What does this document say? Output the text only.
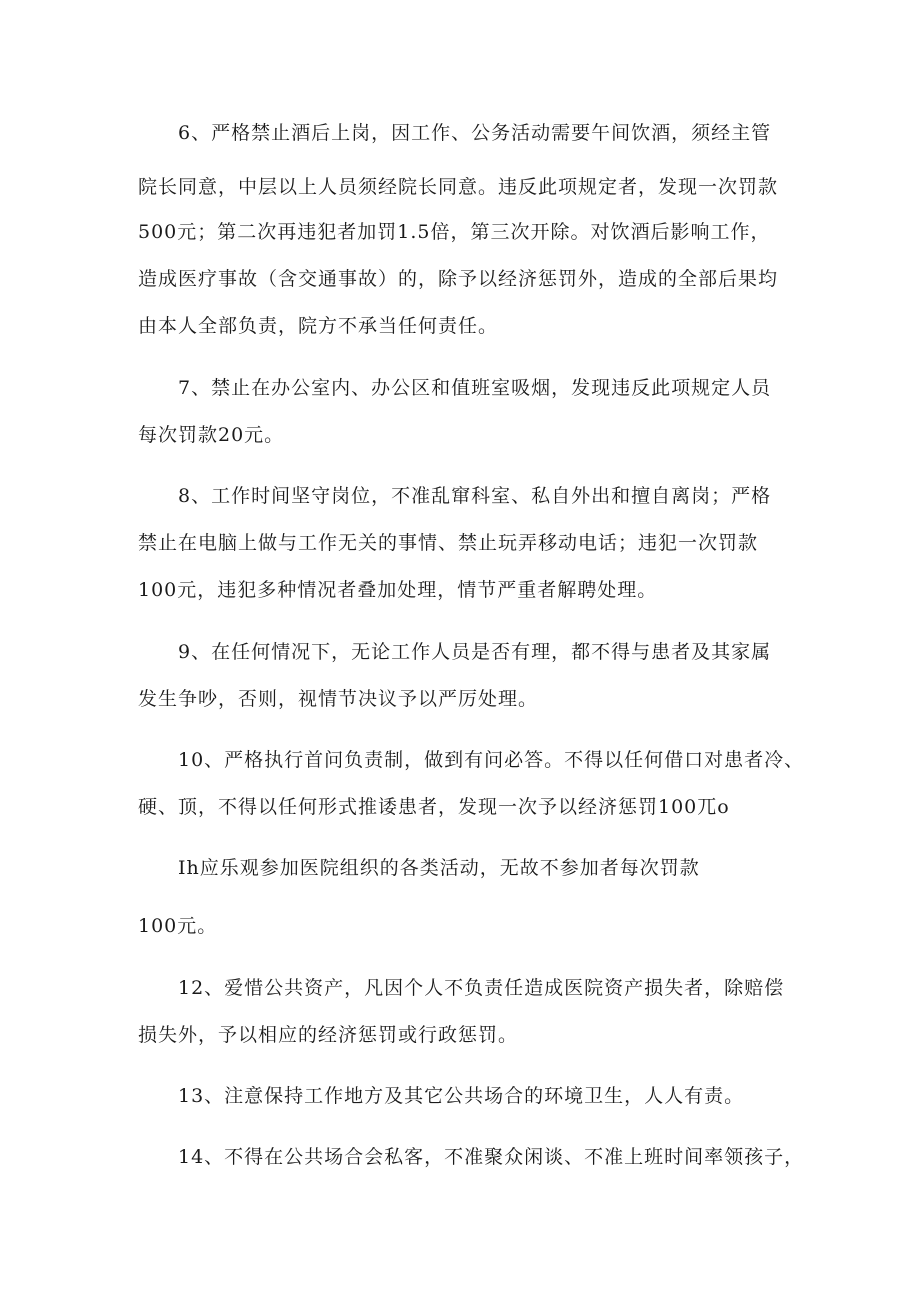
6、严格禁止酒后上岗，因工作、公务活动需要午间饮酒，须经主管
院长同意，中层以上人员须经院长同意。违反此项规定者，发现一次罚款
500元；第二次再违犯者加罚1.5倍，第三次开除。对饮酒后影响工作，
造成医疗事故（含交通事故）的，除予以经济惩罚外，造成的全部后果均
由本人全部负责，院方不承当任何责任。
7、禁止在办公室内、办公区和值班室吸烟，发现违反此项规定人员
每次罚款20元。
8、工作时间坚守岗位，不准乱窜科室、私自外出和擅自离岗；严格
禁止在电脑上做与工作无关的事情、禁止玩弄移动电话；违犯一次罚款
100元，违犯多种情况者叠加处理，情节严重者解聘处理。
9、在任何情况下，无论工作人员是否有理，都不得与患者及其家属
发生争吵，否则，视情节决议予以严厉处理。
10、严格执行首问负责制，做到有问必答。不得以任何借口对患者冷、
硬、顶，不得以任何形式推诿患者，发现一次予以经济惩罚100兀o
Ih应乐观参加医院组织的各类活动，无故不参加者每次罚款
100元。
12、爱惜公共资产，凡因个人不负责任造成医院资产损失者，除赔偿
损失外，予以相应的经济惩罚或行政惩罚。
13、注意保持工作地方及其它公共场合的环境卫生，人人有责。
14、不得在公共场合会私客，不准聚众闲谈、不准上班时间率领孩子，
